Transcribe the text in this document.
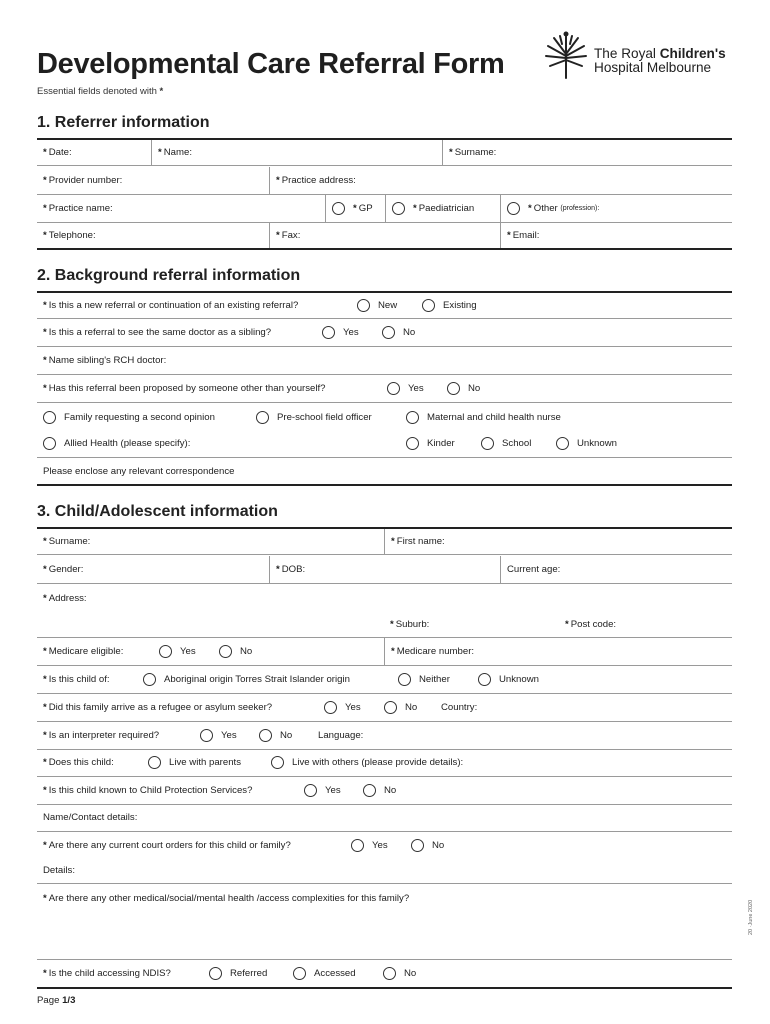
Developmental Care Referral Form
Essential fields denoted with *
The Royal Children's
Hospital Melbourne
1. Referrer information
* Date:	* Name:	* Surname:
* Provider number:	* Practice address:
* Practice name:	* GP	* Paediatrician	* Other
(profession):
* Telephone:	* Fax:	* Email:
2. Background referral information
* Is this a new referral or continuation of an existing referral?	New	Existing
* Is this a referral to see the same doctor as a sibling?	Yes	No
* Name sibling's RCH doctor:
* Has this referral been proposed by someone other than yourself?	Yes	No
Family requesting a second opinion	Pre-school field officer	Maternal and child health nurse
Allied Health (please specify):	Kinder	School	Unknown
Please enclose any relevant correspondence
3. Child/Adolescent information
* Surname:	* First name:
* Gender:	* DOB:	Current age:
* Address:
* Suburb:	* Post code:
* Medicare eligible:	Yes	No	* Medicare number:
* Is this child of:	Aboriginal origin Torres Strait Islander origin	Neither	Unknown
* Did this family arrive as a refugee or asylum seeker?	Yes	No Country:
* Is an interpreter required?	Yes	No	Language:
* Does this child:	Live with parents	Live with others (please provide details):
* Is this child known to Child Protection Services?	Yes	No
Name/Contact details:
* Are there any current court orders for this child or family?	Yes	No
Details:
* Are there any other medical/social/mental health /access complexities for this family?
* Is the child accessing NDIS?	Referred	Accessed	No
20 ·June 2020
Page 1/3
